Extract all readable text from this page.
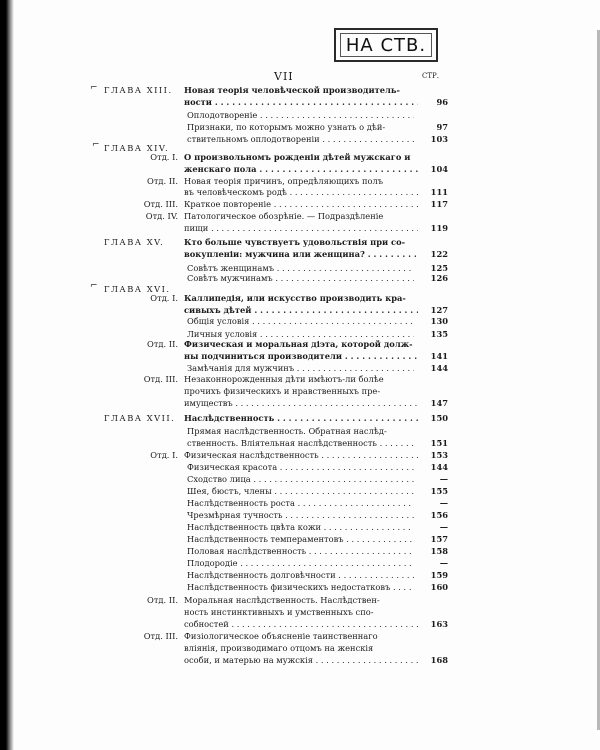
НА СТВ.
VII	СТР.
⌐
⌐
⌐
ГЛАВА XIII.	Новая теорія человѣческой производитель-
ности . . .	96
Оплодотвореніе . . .
Признаки, по которымъ можно узнать о дѣй-	97
ствительномъ оплодотвореніи . . .	103
ГЛАВА XIV.
Отд. I. О произвольномъ рожденіи дѣтей мужскаго и
женскаго пола . . .	104
Отд. II. Новая теорія причинъ, опредѣляющихъ полъ
въ человѣческомъ родѣ . . .	111
Отд. III. Краткое повтореніе . . .	117
Отд. IV. Патологическое обозрѣніе. — Подраздѣленіе
пищи . . .	119
ГЛАВА XV.	Кто больше чувствуетъ удовольствія при со-
вокупленіи: мужчина или женщина? . . .	122
Совѣтъ женщинамъ . . .	125
Совѣтъ мужчинамъ . . .	126
ГЛАВА XVI.
Отд. I. Каллипедія, или искусство производить кра-
сивыхъ дѣтей . . .	127
Общія условія . . .	130
Личныя условія . . .	135
Отд. II. Физическая и моральная діэта, которой долж-
ны подчиниться производители . . .	141
Замѣчанія для мужчинъ . . .	144
Отд. III. Незаконнорожденныя дѣти имѣютъ-ли болѣе
прочихъ физическихъ и нравственныхъ пре-
имуществъ . . .	147
ГЛАВА XVII.	Наслѣдственность . . .	150
Прямая наслѣдственность. Обратная наслѣд-
ственность. Вліятельная наслѣдственность . . .	151
Отд. I. Физическая наслѣдственность . . .	153
Физическая красота . . .	144
Сходство лица . . .	—
Шея, бюстъ, члены . . .	155
Наслѣдственность роста . . .	—
Чрезмѣрная тучность . . .	156
Наслѣдственность цвѣта кожи . . .	—
Наслѣдственность темпераментовъ . . .	157
Половая наслѣдственность . . .	158
Плодородіе . . .	—
Наслѣдственность долговѣчности . . .	159
Наслѣдственность физическихъ недостатковъ . . .	160
Отд. II. Моральная наслѣдственность. Наслѣдствен-
ность инстинктивныхъ и умственныхъ спо-
собностей . . .	163
Отд. III. Физіологическое объясненіе таинственнаго
вліянія, производимаго отцомъ на женскія
особи, и матерью на мужскія . . .	168
